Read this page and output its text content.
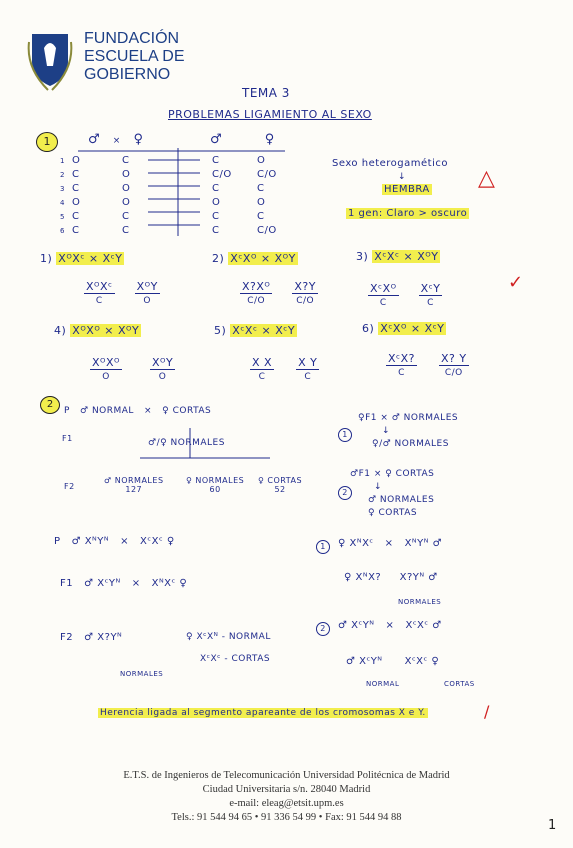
FUNDACIÓN
ESCUELA DE
GOBIERNO
TEMA 3
PROBLEMAS LIGAMIENTO AL SEXO
1	♂ × ♀	♂	♀
1 O	C	C	O
2 C	O	C/O	C/O
3 C	O	C	C
4 O	O	O	O
5 C	C	C	C
6 C	C	C	C/O
Sexo heterogamético
↓
HEMBRA △
1 gen: Claro > oscuro
1) XᴼXᶜ × XᶜY
$\frac{\text{XᴼXᶜ}}{C} \frac{\text{XᴼY}}{O}$
2) XᶜXᴼ × XᴼY
$\frac{\text{X?Xᴼ}}{C/O} \frac{X?Y}{C/O}$
3) XᶜXᶜ × XᴼY
$\frac{\text{XᶜXᴼ}}{C} \frac{\text{XᶜY}}{C}$	✓
4) XᴼXᴼ × XᴼY
$\frac{\text{XᴼXᴼ}}{O}$	$\frac{\text{XᴼY}}{O}$
5) XᶜXᶜ × XᶜY
$\frac{\text{X X}}{C} \frac{\text{X Y}}{C}$
6) XᶜXᴼ × XᶜY
$\frac{\text{XᶜX?}}{C} \frac{X? Y}{C/O}$
2
P   ♂ NORMAL   ×   ♀ CORTAS
F1	♂/♀ NORMALES
F2
♂ NORMALES
127
♀ NORMALES
60
♀ CORTAS
52
♀F1 × ♂ NORMALES
↓
♀/♂ NORMALES
1
♂F1 × ♀ CORTAS
↓
♂ NORMALES
♀ CORTAS
2
P   ♂ XᴺYᴺ   ×   XᶜXᶜ ♀
F1   ♂ XᶜYᴺ   ×   XᴺXᶜ ♀
F2   ♂ X?Yᴺ
NORMALES
♀ XᶜXᴺ - NORMAL
XᶜXᶜ - CORTAS
1	♀ XᴺXᶜ   ×   XᴺYᴺ ♂
♀ XᴺX?     X?Yᴺ ♂
NORMALES
2	♂ XᶜYᴺ   ×   XᶜXᶜ ♂
♂ XᶜYᴺ      XᶜXᶜ ♀
NORMAL	CORTAS
Herencia ligada al segmento apareante de los cromosomas X e Y.	/
E.T.S. de Ingenieros de Telecomunicación Universidad Politécnica de Madrid
Ciudad Universitaria s/n. 28040 Madrid
e-mail: eleag@etsit.upm.es
Tels.: 91 544 94 65 • 91 336 54 99 • Fax: 91 544 94 88
1
